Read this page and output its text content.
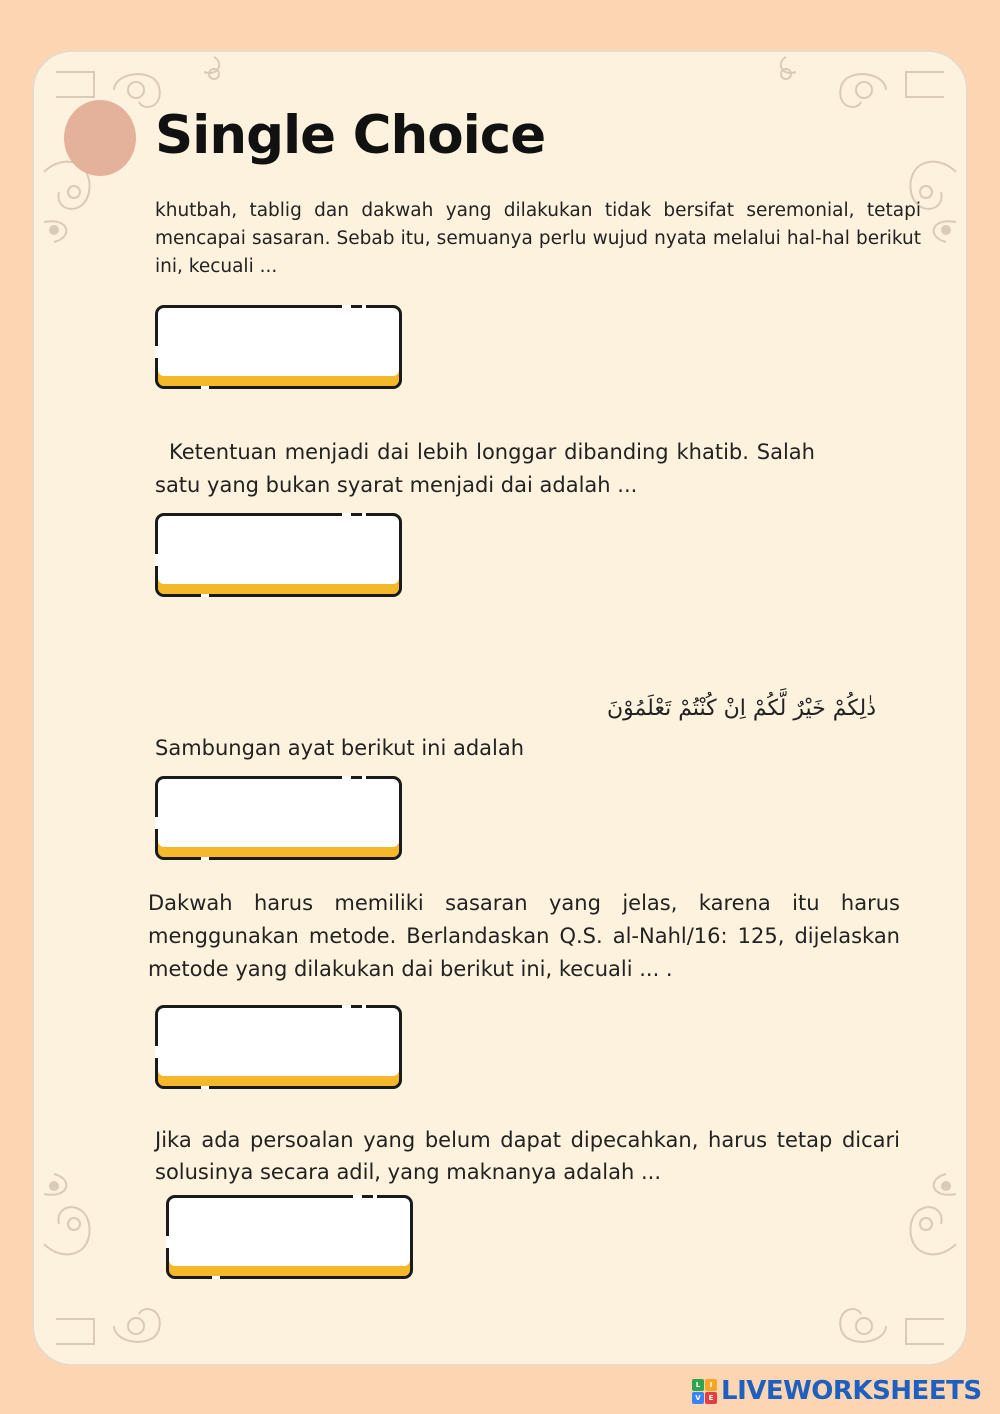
Single Choice

khutbah, tablig dan dakwah yang dilakukan tidak bersifat seremonial, tetapi mencapai sasaran. Sebab itu, semuanya perlu wujud nyata melalui hal-hal berikut ini, kecuali ...

Ketentuan menjadi dai lebih longgar dibanding khatib. Salah satu yang bukan syarat menjadi dai adalah ...

ذٰلِكُمْ خَيْرٌ لَّكُمْ اِنْ كُنْتُمْ تَعْلَمُوْنَ

Sambungan ayat berikut ini adalah

Dakwah harus memiliki sasaran yang jelas, karena itu harus menggunakan metode. Berlandaskan Q.S. al-Nahl/16: 125, dijelaskan metode yang dilakukan dai berikut ini, kecuali ... .

Jika ada persoalan yang belum dapat dipecahkan, harus tetap dicari solusinya secara adil, yang maknanya adalah ...

L	I
V	E LIVEWORKSHEETS
